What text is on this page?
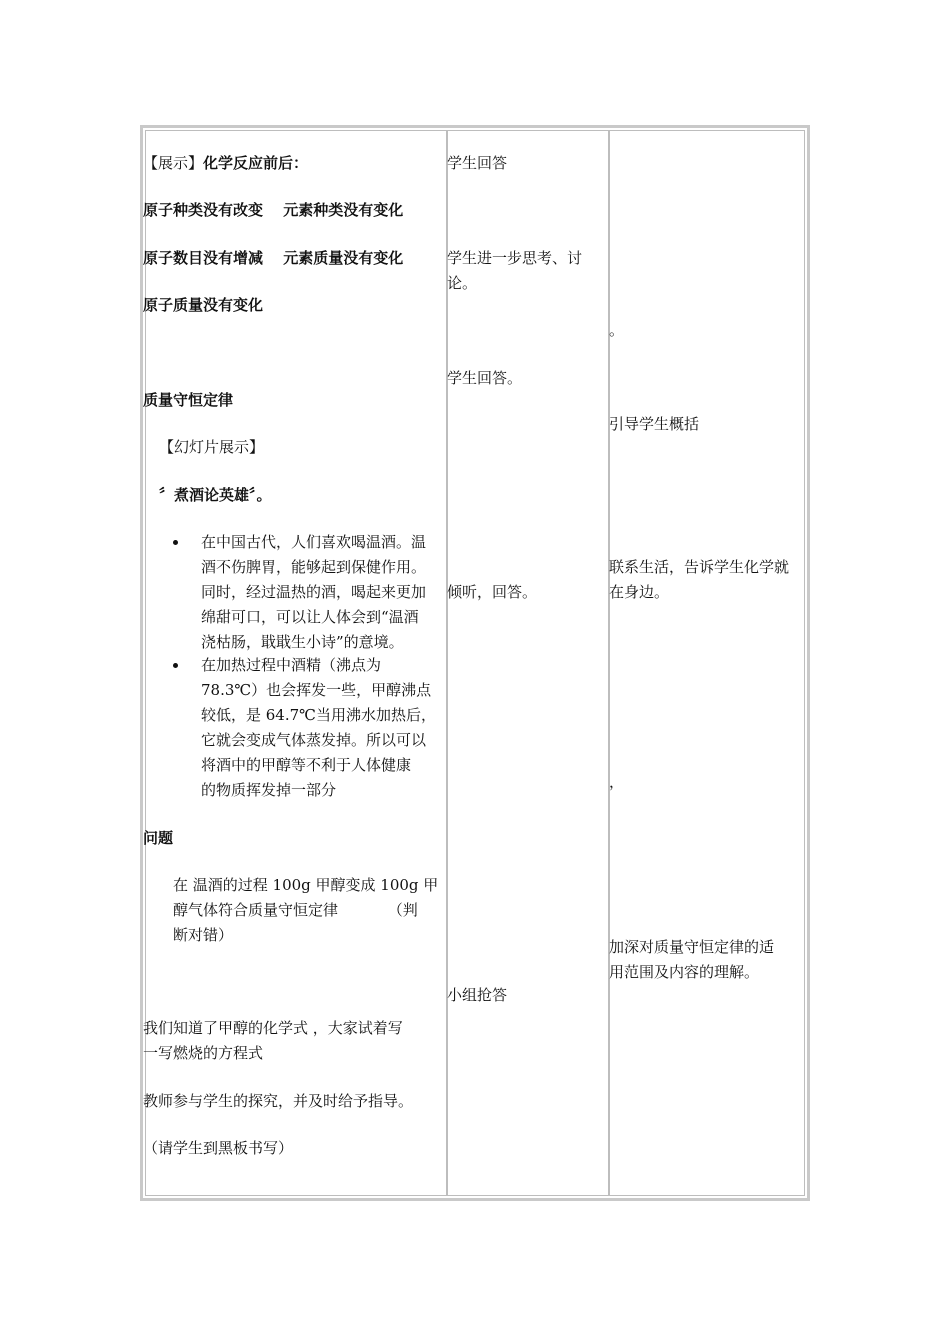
【展示】化学反应前后：

原子种类没有改变　 元素种类没有变化

原子数目没有增减　 元素质量没有变化

原子质量没有变化

质量守恒定律

【幻灯片展示】

〞煮酒论英雄〞。

在中国古代，人们喜欢喝温酒。温

酒不伤脾胃，能够起到保健作用。

同时，经过温热的酒，喝起来更加

绵甜可口，可以让人体会到“温酒

浇枯肠，戢戢生小诗”的意境。

在加热过程中酒精（沸点为

78.3℃）也会挥发一些，甲醇沸点

较低，是 64.7℃当用沸水加热后，

它就会变成气体蒸发掉。所以可以

将酒中的甲醇等不利于人体健康

的物质挥发掉一部分

问题

在 温酒的过程 100g 甲醇变成 100g 甲

醇气体符合质量守恒定律　　　 （判

断对错）

我们知道了甲醇的化学式 ，大家试着写

一写燃烧的方程式

教师参与学生的探究，并及时给予指导。

（请学生到黑板书写）

学生回答

学生进一步思考、讨

论。

学生回答。

倾听，回答。

小组抢答

。

引导学生概括

联系生活，告诉学生化学就

在身边。

，

加深对质量守恒定律的适

用范围及内容的理解。
